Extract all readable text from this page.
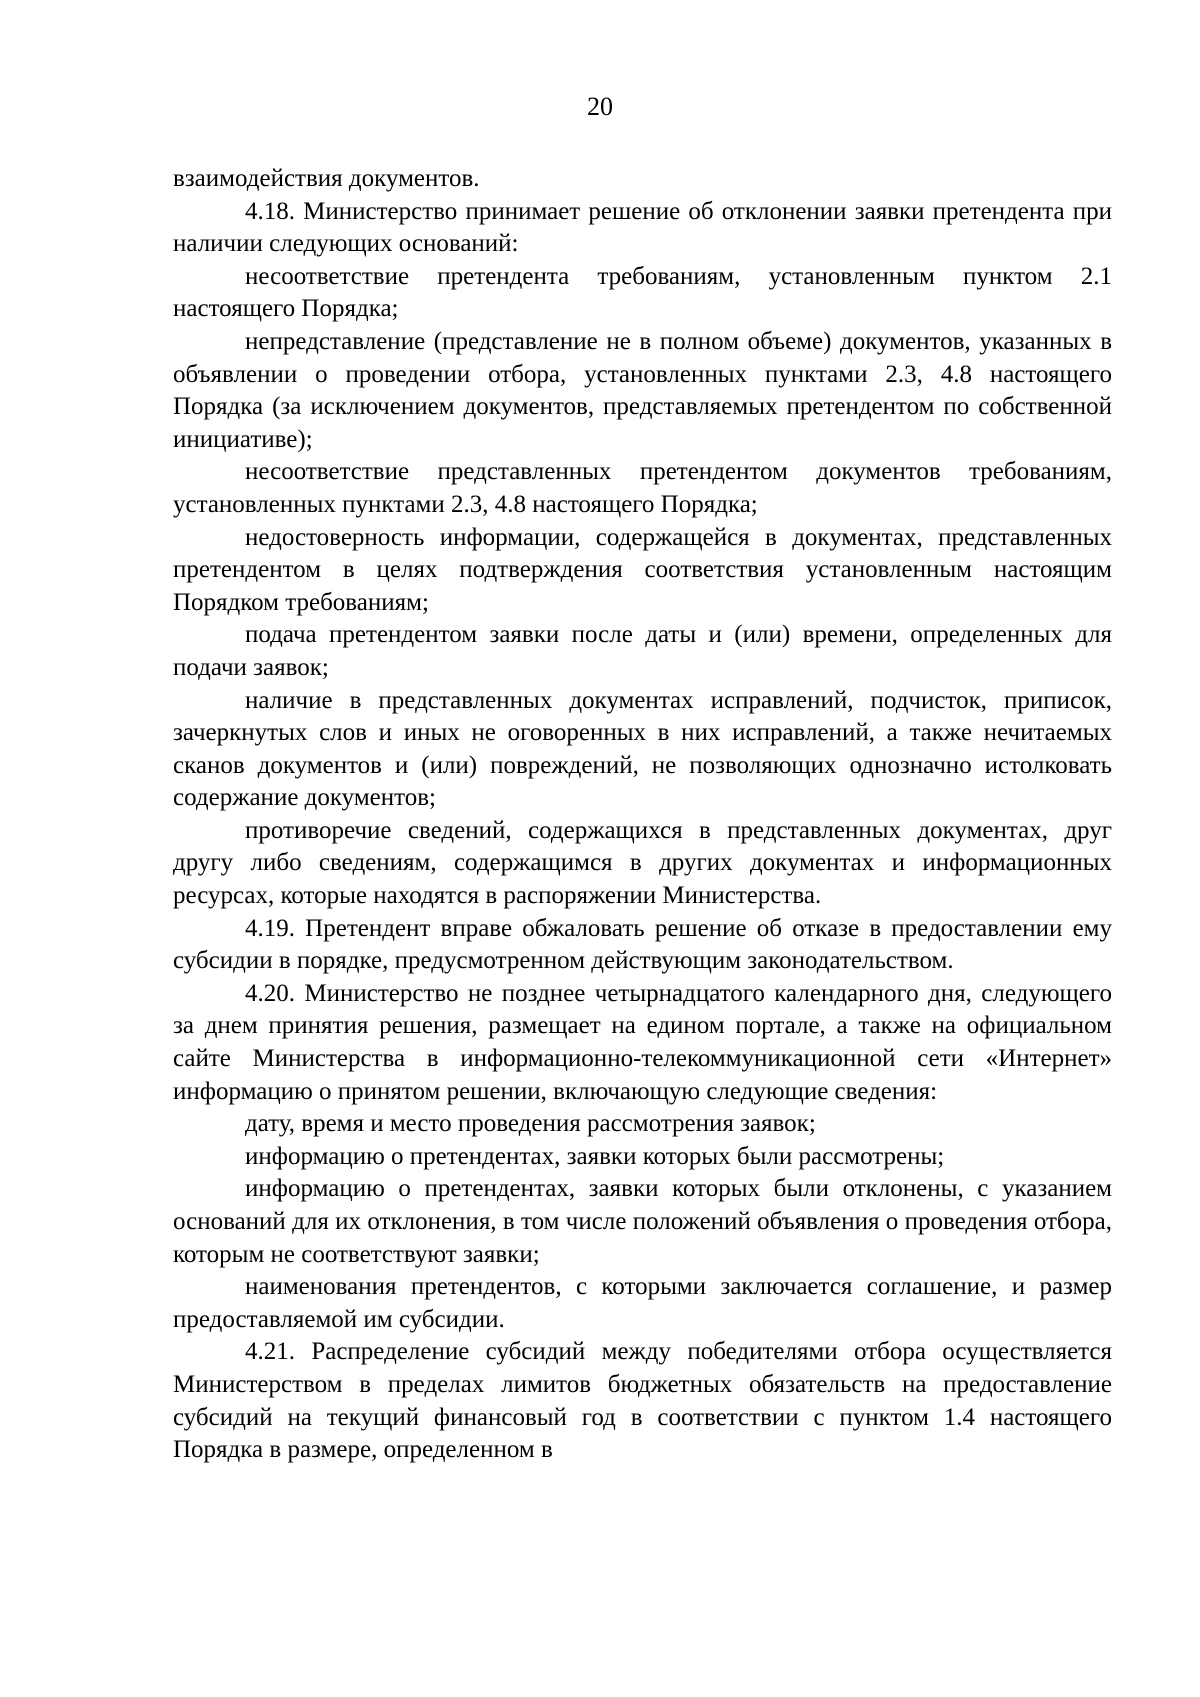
20

взаимодействия документов.

4.18. Министерство принимает решение об отклонении заявки претендента при наличии следующих оснований:

несоответствие претендента требованиям, установленным пунктом 2.1 настоящего Порядка;

непредставление (представление не в полном объеме) документов, указанных в объявлении о проведении отбора, установленных пунктами 2.3, 4.8 настоящего Порядка (за исключением документов, представляемых претендентом по собственной инициативе);

несоответствие представленных претендентом документов требованиям, установленных пунктами 2.3, 4.8 настоящего Порядка;

недостоверность информации, содержащейся в документах, представленных претендентом в целях подтверждения соответствия установленным настоящим Порядком требованиям;

подача претендентом заявки после даты и (или) времени, определенных для подачи заявок;

наличие в представленных документах исправлений, подчисток, приписок, зачеркнутых слов и иных не оговоренных в них исправлений, а также нечитаемых сканов документов и (или) повреждений, не позволяющих однозначно истолковать содержание документов;

противоречие сведений, содержащихся в представленных документах, друг другу либо сведениям, содержащимся в других документах и информационных ресурсах, которые находятся в распоряжении Министерства.

4.19. Претендент вправе обжаловать решение об отказе в предоставлении ему субсидии в порядке, предусмотренном действующим законодательством.

4.20. Министерство не позднее четырнадцатого календарного дня, следующего за днем принятия решения, размещает на едином портале, а также на официальном сайте Министерства в информационно-телекоммуникационной сети «Интернет» информацию о принятом решении, включающую следующие сведения:

дату, время и место проведения рассмотрения заявок;

информацию о претендентах, заявки которых были рассмотрены;

информацию о претендентах, заявки которых были отклонены, с указанием оснований для их отклонения, в том числе положений объявления о проведения отбора, которым не соответствуют заявки;

наименования претендентов, с которыми заключается соглашение, и размер предоставляемой им субсидии.

4.21. Распределение субсидий между победителями отбора осуществляется Министерством в пределах лимитов бюджетных обязательств на предоставление субсидий на текущий финансовый год в соответствии с пунктом 1.4 настоящего Порядка в размере, определенном в
